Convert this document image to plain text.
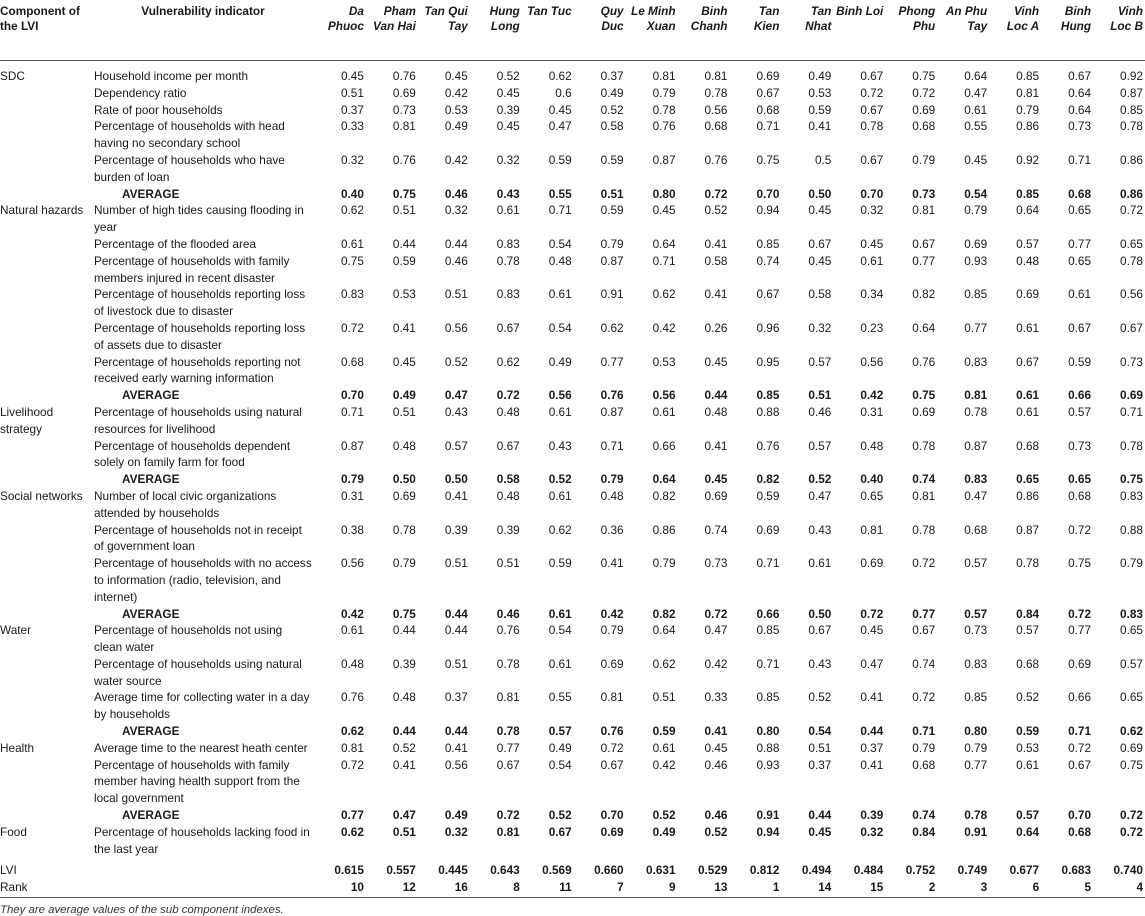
Component of the LVI	Vulnerability indicator	Da Phuoc	Pham Van Hai	Tan Qui Tay	Hung Long	Tan Tuc	Quy Duc	Le Minh Xuan	Binh Chanh	Tan Kien	Tan Nhat	Binh Loi	Phong Phu	An Phu Tay	Vinh Loc A	Binh Hung	Vinh Loc B
SDC	Household income per month	0.45	0.76	0.45	0.52	0.62	0.37	0.81	0.81	0.69	0.49	0.67	0.75	0.64	0.85	0.67	0.92
	Dependency ratio	0.51	0.69	0.42	0.45	0.6	0.49	0.79	0.78	0.67	0.53	0.72	0.72	0.47	0.81	0.64	0.87
	Rate of poor households	0.37	0.73	0.53	0.39	0.45	0.52	0.78	0.56	0.68	0.59	0.67	0.69	0.61	0.79	0.64	0.85
	Percentage of households with head having no secondary school	0.33	0.81	0.49	0.45	0.47	0.58	0.76	0.68	0.71	0.41	0.78	0.68	0.55	0.86	0.73	0.78
	Percentage of households who have burden of loan	0.32	0.76	0.42	0.32	0.59	0.59	0.87	0.76	0.75	0.5	0.67	0.79	0.45	0.92	0.71	0.86
	AVERAGE	0.40	0.75	0.46	0.43	0.55	0.51	0.80	0.72	0.70	0.50	0.70	0.73	0.54	0.85	0.68	0.86
Natural hazards	Number of high tides causing flooding in year	0.62	0.51	0.32	0.61	0.71	0.59	0.45	0.52	0.94	0.45	0.32	0.81	0.79	0.64	0.65	0.72
	Percentage of the flooded area	0.61	0.44	0.44	0.83	0.54	0.79	0.64	0.41	0.85	0.67	0.45	0.67	0.69	0.57	0.77	0.65
	Percentage of households with family members injured in recent disaster	0.75	0.59	0.46	0.78	0.48	0.87	0.71	0.58	0.74	0.45	0.61	0.77	0.93	0.48	0.65	0.78
	Percentage of households reporting loss of livestock due to disaster	0.83	0.53	0.51	0.83	0.61	0.91	0.62	0.41	0.67	0.58	0.34	0.82	0.85	0.69	0.61	0.56
	Percentage of households reporting loss of assets due to disaster	0.72	0.41	0.56	0.67	0.54	0.62	0.42	0.26	0.96	0.32	0.23	0.64	0.77	0.61	0.67	0.67
	Percentage of households reporting not received early warning information	0.68	0.45	0.52	0.62	0.49	0.77	0.53	0.45	0.95	0.57	0.56	0.76	0.83	0.67	0.59	0.73
	AVERAGE	0.70	0.49	0.47	0.72	0.56	0.76	0.56	0.44	0.85	0.51	0.42	0.75	0.81	0.61	0.66	0.69
Livelihood strategy	Percentage of households using natural resources for livelihood	0.71	0.51	0.43	0.48	0.61	0.87	0.61	0.48	0.88	0.46	0.31	0.69	0.78	0.61	0.57	0.71
	Percentage of households dependent solely on family farm for food	0.87	0.48	0.57	0.67	0.43	0.71	0.66	0.41	0.76	0.57	0.48	0.78	0.87	0.68	0.73	0.78
	AVERAGE	0.79	0.50	0.50	0.58	0.52	0.79	0.64	0.45	0.82	0.52	0.40	0.74	0.83	0.65	0.65	0.75
Social networks	Number of local civic organizations attended by households	0.31	0.69	0.41	0.48	0.61	0.48	0.82	0.69	0.59	0.47	0.65	0.81	0.47	0.86	0.68	0.83
	Percentage of households not in receipt of government loan	0.38	0.78	0.39	0.39	0.62	0.36	0.86	0.74	0.69	0.43	0.81	0.78	0.68	0.87	0.72	0.88
	Percentage of households with no access to information (radio, television, and internet)	0.56	0.79	0.51	0.51	0.59	0.41	0.79	0.73	0.71	0.61	0.69	0.72	0.57	0.78	0.75	0.79
	AVERAGE	0.42	0.75	0.44	0.46	0.61	0.42	0.82	0.72	0.66	0.50	0.72	0.77	0.57	0.84	0.72	0.83
Water	Percentage of households not using clean water	0.61	0.44	0.44	0.76	0.54	0.79	0.64	0.47	0.85	0.67	0.45	0.67	0.73	0.57	0.77	0.65
	Percentage of households using natural water source	0.48	0.39	0.51	0.78	0.61	0.69	0.62	0.42	0.71	0.43	0.47	0.74	0.83	0.68	0.69	0.57
	Average time for collecting water in a day by households	0.76	0.48	0.37	0.81	0.55	0.81	0.51	0.33	0.85	0.52	0.41	0.72	0.85	0.52	0.66	0.65
	AVERAGE	0.62	0.44	0.44	0.78	0.57	0.76	0.59	0.41	0.80	0.54	0.44	0.71	0.80	0.59	0.71	0.62
Health	Average time to the nearest heath center	0.81	0.52	0.41	0.77	0.49	0.72	0.61	0.45	0.88	0.51	0.37	0.79	0.79	0.53	0.72	0.69
	Percentage of households with family member having health support from the local government	0.72	0.41	0.56	0.67	0.54	0.67	0.42	0.46	0.93	0.37	0.41	0.68	0.77	0.61	0.67	0.75
	AVERAGE	0.77	0.47	0.49	0.72	0.52	0.70	0.52	0.46	0.91	0.44	0.39	0.74	0.78	0.57	0.70	0.72
Food	Percentage of households lacking food in the last year	0.62	0.51	0.32	0.81	0.67	0.69	0.49	0.52	0.94	0.45	0.32	0.84	0.91	0.64	0.68	0.72
LVI		0.615	0.557	0.445	0.643	0.569	0.660	0.631	0.529	0.812	0.494	0.484	0.752	0.749	0.677	0.683	0.740
Rank		10	12	16	8	11	7	9	13	1	14	15	2	3	6	5	4
They are average values of the sub component indexes.
